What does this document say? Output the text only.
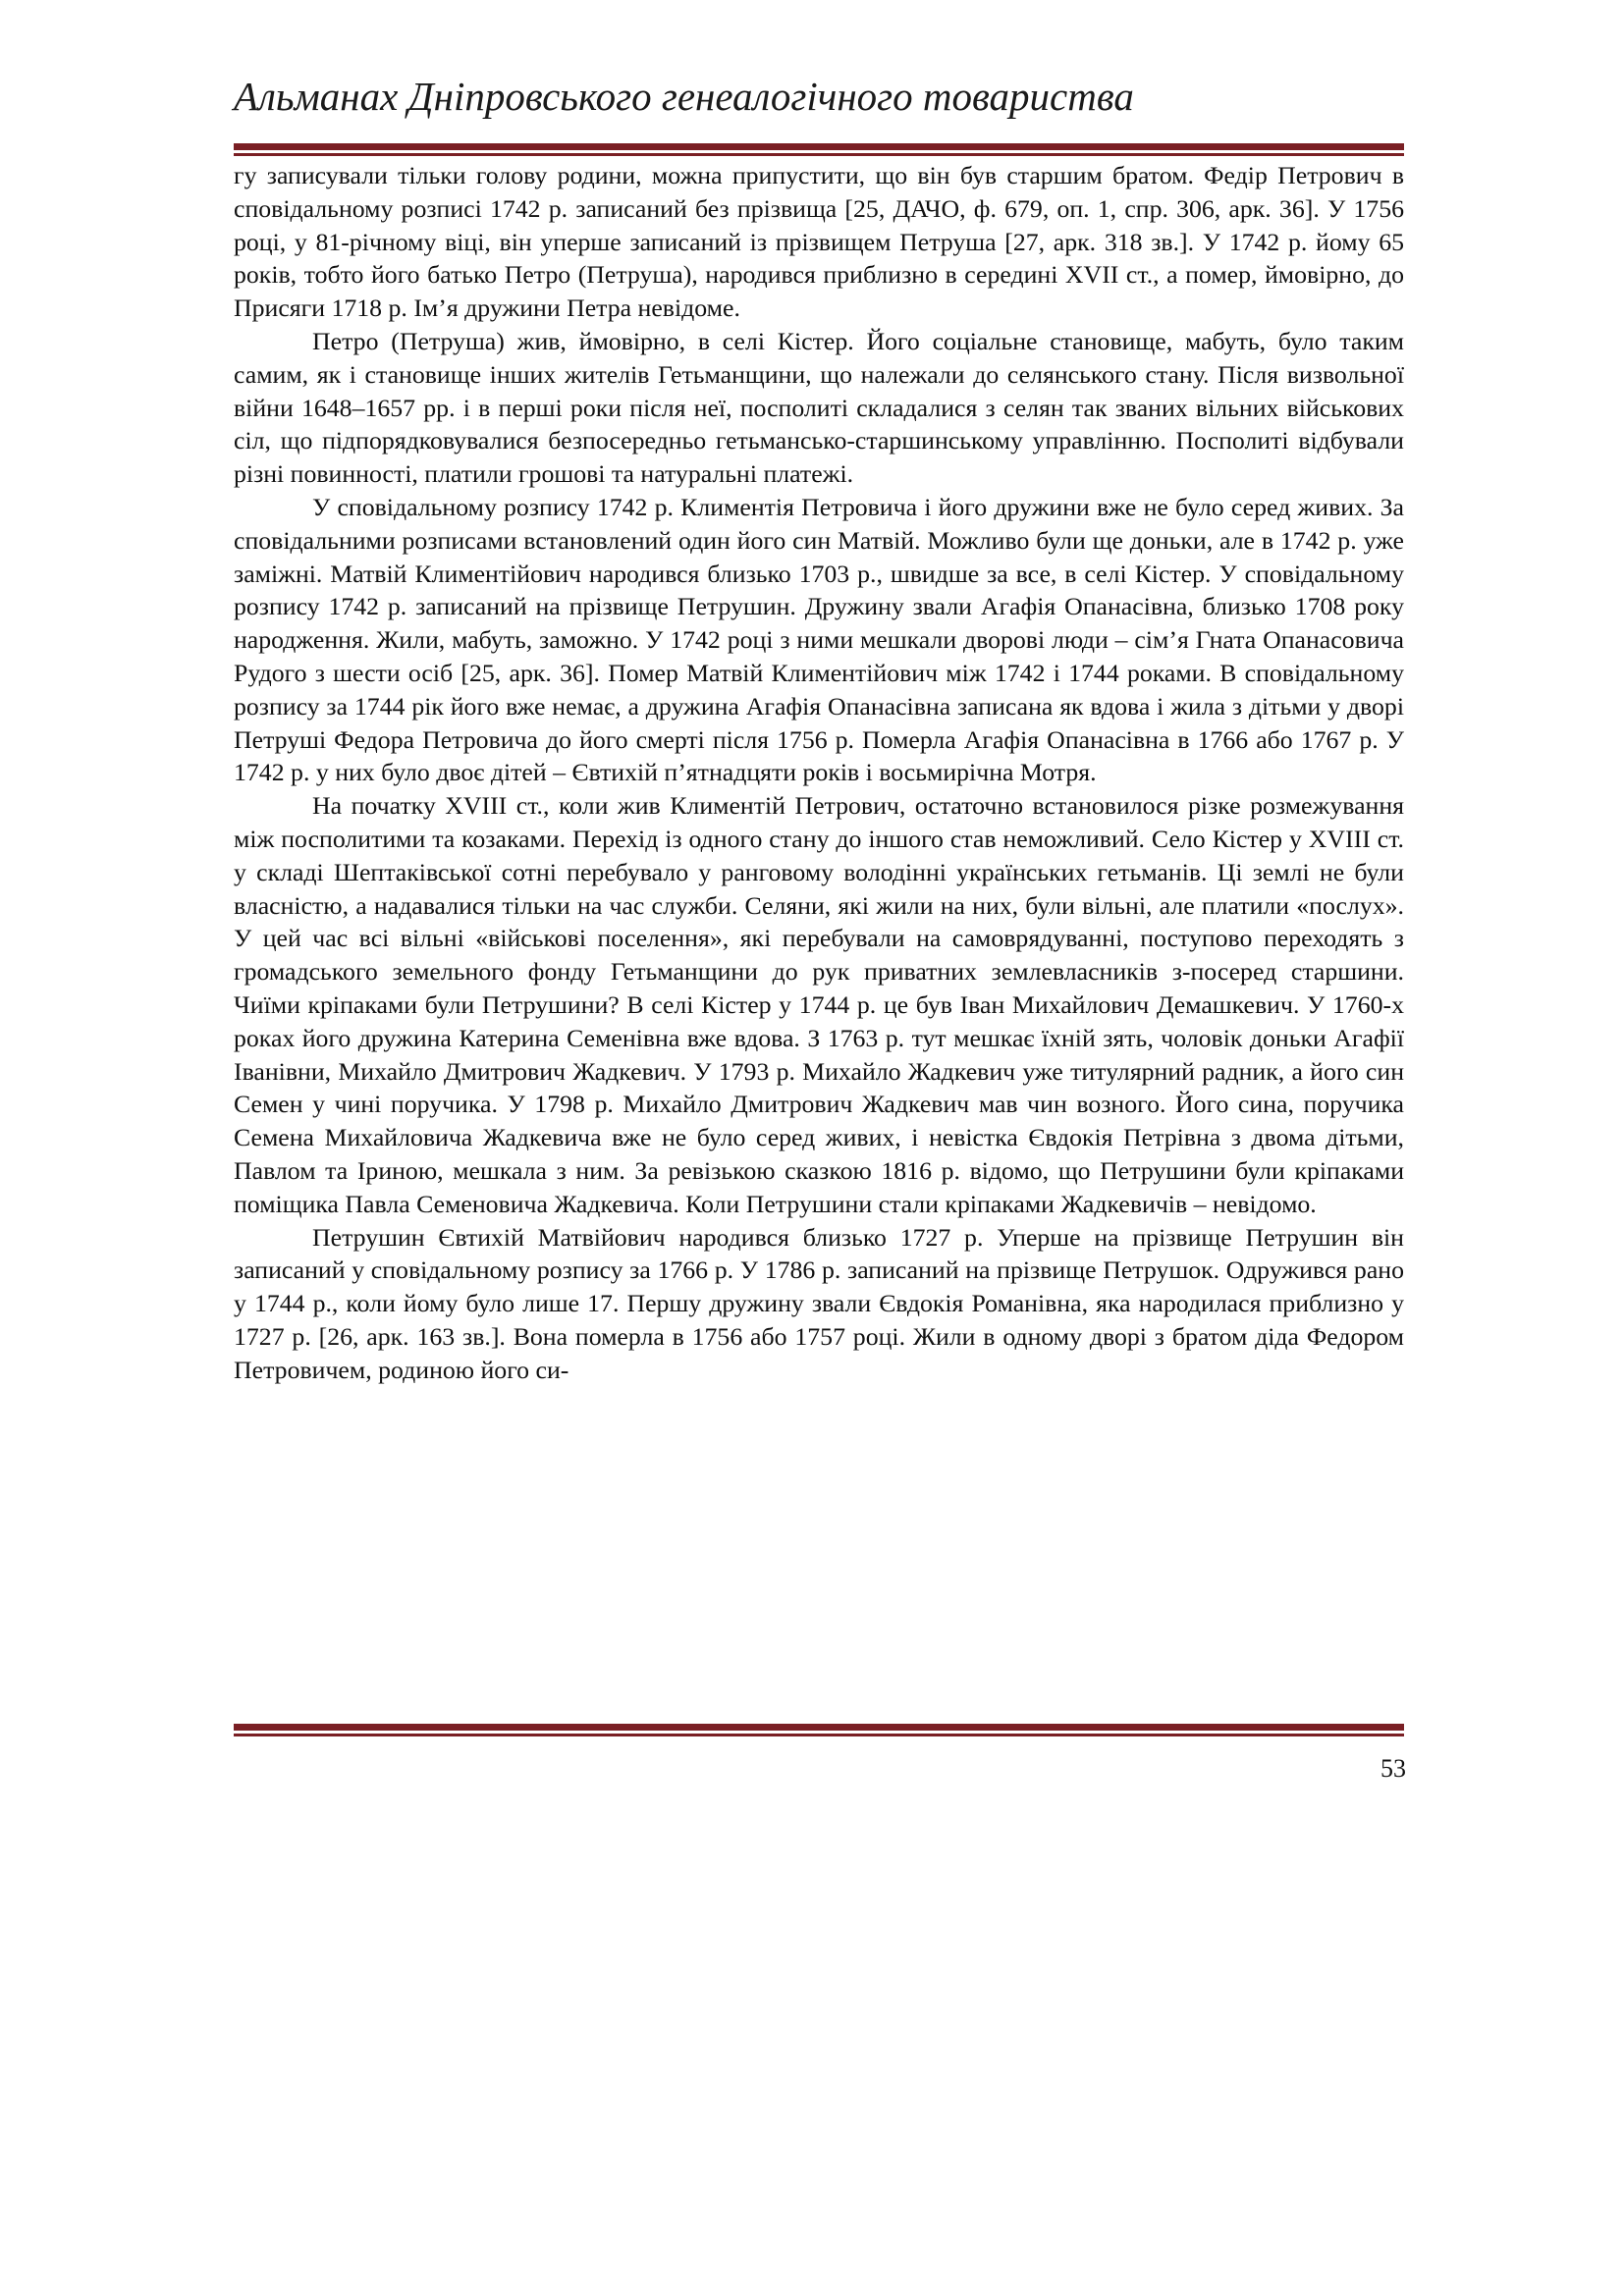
Альманах Дніпровського генеалогічного товариства

гу записували тільки голову родини, можна припустити, що він був старшим братом. Федір Петрович в сповідальному розписі 1742 р. записаний без прізвища [25, ДАЧО, ф. 679, оп. 1, спр. 306, арк. 36]. У 1756 році, у 81-річному віці, він уперше записаний із прізвищем Петруша [27, арк. 318 зв.]. У 1742 р. йому 65 років, тобто його батько Петро (Петруша), народився приблизно в середині XVII ст., а помер, ймовірно, до Присяги 1718 р. Ім’я дружини Петра невідоме.

Петро (Петруша) жив, ймовірно, в селі Кістер. Його соціальне становище, мабуть, було таким самим, як і становище інших жителів Гетьманщини, що належали до селянського стану. Після визвольної війни 1648–1657 рр. і в перші роки після неї, посполиті складалися з селян так званих вільних військових сіл, що підпорядковувалися безпосередньо гетьмансько-старшинському управлінню. Посполиті відбували різні повинності, платили грошові та натуральні платежі.

У сповідальному розпису 1742 р. Климентія Петровича і його дружини вже не було серед живих. За сповідальними розписами встановлений один його син Матвій. Можливо були ще доньки, але в 1742 р. уже заміжні. Матвій Климентійович народився близько 1703 р., швидше за все, в селі Кістер. У сповідальному розпису 1742 р. записаний на прізвище Петрушин. Дружину звали Агафія Опанасівна, близько 1708 року народження. Жили, мабуть, заможно. У 1742 році з ними мешкали дворові люди – сім’я Гната Опанасовича Рудого з шести осіб [25, арк. 36]. Помер Матвій Климентійович між 1742 і 1744 роками. В сповідальному розпису за 1744 рік його вже немає, а дружина Агафія Опанасівна записана як вдова і жила з дітьми у дворі Петруші Федора Петровича до його смерті після 1756 р. Померла Агафія Опанасівна в 1766 або 1767 р. У 1742 р. у них було двоє дітей – Євтихій п’ятнадцяти років і восьмирічна Мотря.

На початку XVIII ст., коли жив Климентій Петрович, остаточно встановилося різке розмежування між посполитими та козаками. Перехід із одного стану до іншого став неможливий. Село Кістер у XVIII ст. у складі Шептаківської сотні перебувало у ранговому володінні українських гетьманів. Ці землі не були власністю, а надавалися тільки на час служби. Селяни, які жили на них, були вільні, але платили «послух». У цей час всі вільні «військові поселення», які перебували на самоврядуванні, поступово переходять з громадського земельного фонду Гетьманщини до рук приватних землевласників з-посеред старшини. Чиїми кріпаками були Петрушини? В селі Кістер у 1744 р. це був Іван Михайлович Демашкевич. У 1760-х роках його дружина Катерина Семенівна вже вдова. З 1763 р. тут мешкає їхній зять, чоловік доньки Агафії Іванівни, Михайло Дмитрович Жадкевич. У 1793 р. Михайло Жадкевич уже титулярний радник, а його син Семен у чині поручика. У 1798 р. Михайло Дмитрович Жадкевич мав чин возного. Його сина, поручика Семена Михайловича Жадкевича вже не було серед живих, і невістка Євдокія Петрівна з двома дітьми, Павлом та Іриною, мешкала з ним. За ревізькою сказкою 1816 р. відомо, що Петрушини були кріпаками поміщика Павла Семеновича Жадкевича. Коли Петрушини стали кріпаками Жадкевичів – невідомо.

Петрушин Євтихій Матвійович народився близько 1727 р. Уперше на прізвище Петрушин він записаний у сповідальному розпису за 1766 р. У 1786 р. записаний на прізвище Петрушок. Одружився рано у 1744 р., коли йому було лише 17. Першу дружину звали Євдокія Романівна, яка народилася приблизно у 1727 р. [26, арк. 163 зв.]. Вона померла в 1756 або 1757 році. Жили в одному дворі з братом діда Федором Петровичем, родиною його си-

53
